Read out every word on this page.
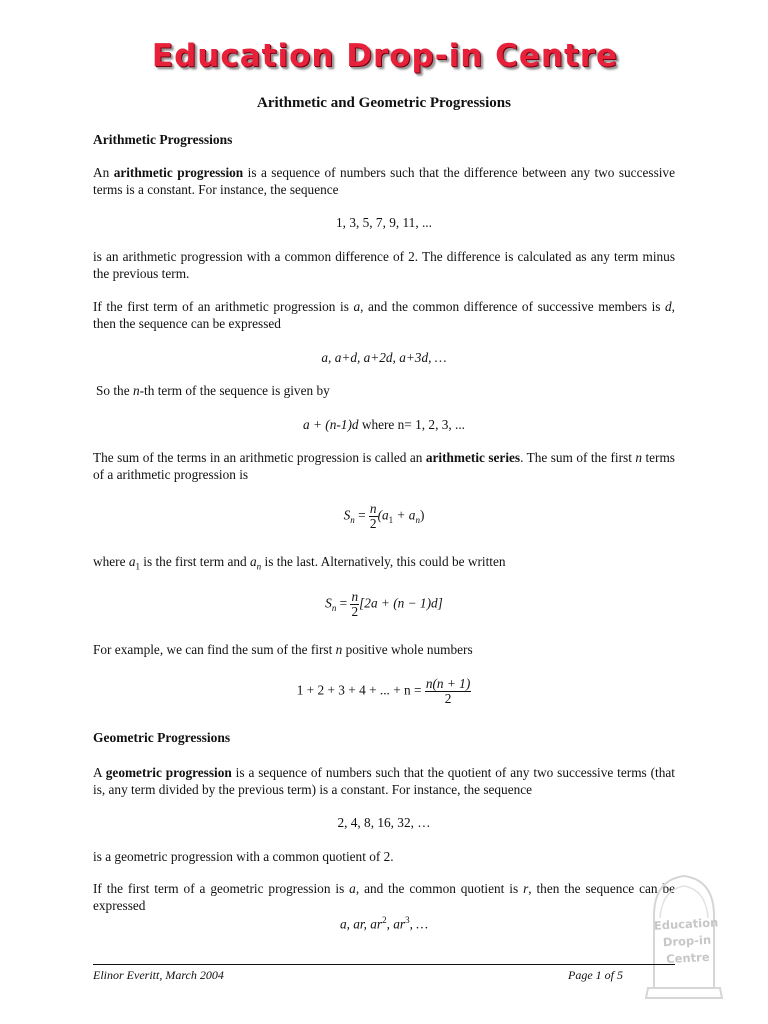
Education Drop-in Centre
Arithmetic and Geometric Progressions
Arithmetic Progressions
An arithmetic progression is a sequence of numbers such that the difference between any two successive terms is a constant. For instance, the sequence
1, 3, 5, 7, 9, 11, ...
is an arithmetic progression with a common difference of 2. The difference is calculated as any term minus the previous term.
If the first term of an arithmetic progression is a, and the common difference of successive members is d, then the sequence can be expressed
a, a+d, a+2d, a+3d, …
So the n-th term of the sequence is given by
a + (n-1)d where n= 1, 2, 3, ...
The sum of the terms in an arithmetic progression is called an arithmetic series. The sum of the first n terms of a arithmetic progression is
$S_n = \frac{n}{2} (a_1 + a_n)$
where $a_1$ is the first term and $a_n$ is the last. Alternatively, this could be written
$S_n = \frac{n}{2} [2a + (n - 1)d]$
For example, we can find the sum of the first n positive whole numbers
1 + 2 + 3 + 4 + ... + $n = \frac{n(n + 1)}{2}$
Geometric Progressions
A geometric progression is a sequence of numbers such that the quotient of any two successive terms (that is, any term divided by the previous term) is a constant. For instance, the sequence
2, 4, 8, 16, 32, …
is a geometric progression with a common quotient of 2.
If the first term of a geometric progression is a, and the common quotient is r, then the sequence can be expressed
a, ar, $ar^2$, $ar^3$, …	Education
Drop-in
Centre
Elinor Everitt, March 2004	Page 1 of 5
